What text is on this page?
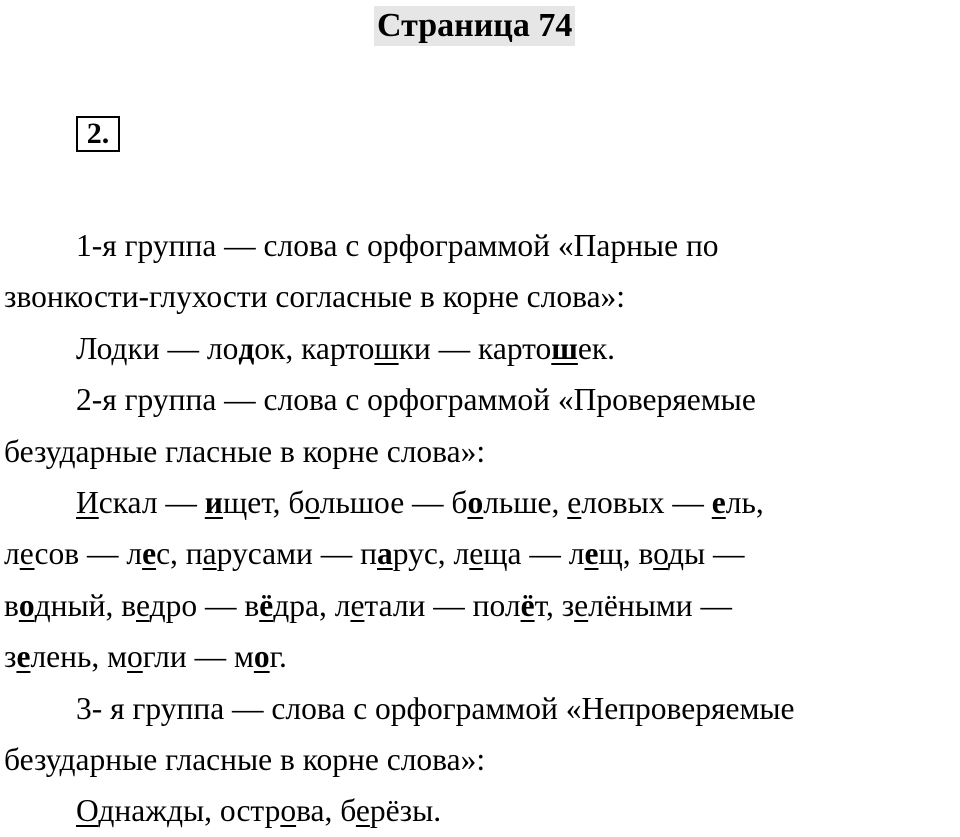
Страница 74
2.

1-я группа — слова с орфограммой «Парные по

звонкости-глухости согласные в корне слова»:

Лодки — лодок, картошки — картошек.

2-я группа — слова с орфограммой «Проверяемые

безударные гласные в корне слова»:

Искал — ищет, большое — больше, еловых — ель,

лесов — лес, парусами — парус, леща — лещ, воды —

водный, ведро — вёдра, летали — полёт, зелёными —

зелень, могли — мог.

3- я группа — слова с орфограммой «Непроверяемые

безударные гласные в корне слова»:

Однажды, острова, берёзы.
